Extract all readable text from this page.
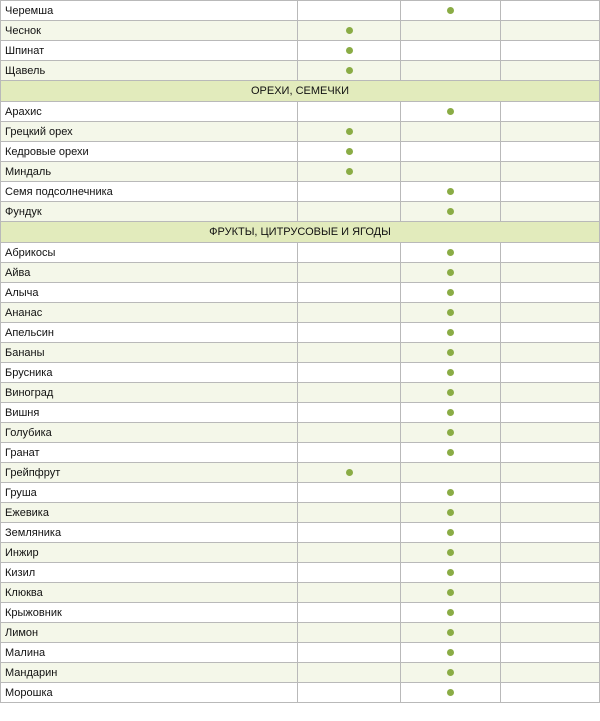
Черемша
Чеснок
Шпинат
Щавель
ОРЕХИ, СЕМЕЧКИ
Арахис
Грецкий орех
Кедровые орехи
Миндаль
Семя подсолнечника
Фундук
ФРУКТЫ, ЦИТРУСОВЫЕ И ЯГОДЫ
Абрикосы
Айва
Алыча
Ананас
Апельсин
Бананы
Брусника
Виноград
Вишня
Голубика
Гранат
Грейпфрут
Груша
Ежевика
Земляника
Инжир
Кизил
Клюква
Крыжовник
Лимон
Малина
Мандарин
Морошка
